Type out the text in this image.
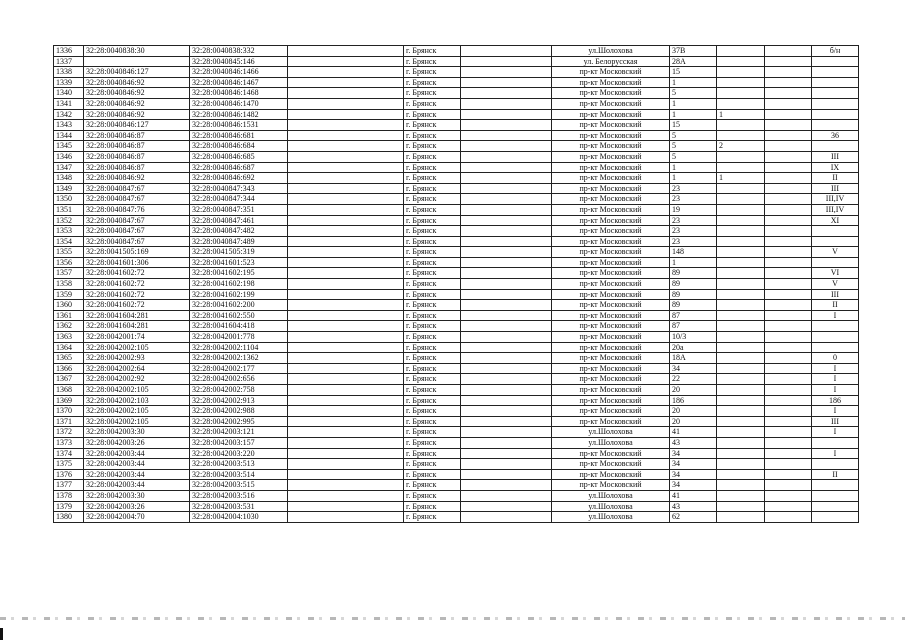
1336	32:28:0040838:30	32:28:0040838:332		г. Брянск		ул.Шолохова	37В			б/н
1337		32:28:0040845:146		г. Брянск		ул. Белорусская	28А			
1338	32:28:0040846:127	32:28:0040846:1466		г. Брянск		пр-кт Московский	15			
1339	32:28:0040846:92	32:28:0040846:1467		г. Брянск		пр-кт Московский	1			
1340	32:28:0040846:92	32:28:0040846:1468		г. Брянск		пр-кт Московский	5			
1341	32:28:0040846:92	32:28:0040846:1470		г. Брянск		пр-кт Московский	1			
1342	32:28:0040846:92	32:28:0040846:1482		г. Брянск		пр-кт Московский	1	1		
1343	32:28:0040846:127	32:28:0040846:1531		г. Брянск		пр-кт Московский	15			
1344	32:28:0040846:87	32:28:0040846:681		г. Брянск		пр-кт Московский	5			36
1345	32:28:0040846:87	32:28:0040846:684		г. Брянск		пр-кт Московский	5	2		
1346	32:28:0040846:87	32:28:0040846:685		г. Брянск		пр-кт Московский	5			III
1347	32:28:0040846:87	32:28:0040846:687		г. Брянск		пр-кт Московский	1			IX
1348	32:28:0040846:92	32:28:0040846:692		г. Брянск		пр-кт Московский	1	1		II
1349	32:28:0040847:67	32:28:0040847:343		г. Брянск		пр-кт Московский	23			III
1350	32:28:0040847:67	32:28:0040847:344		г. Брянск		пр-кт Московский	23			III,IV
1351	32:28:0040847:76	32:28:0040847:351		г. Брянск		пр-кт Московский	19			III,IV
1352	32:28:0040847:67	32:28:0040847:461		г. Брянск		пр-кт Московский	23			XI
1353	32:28:0040847:67	32:28:0040847:482		г. Брянск		пр-кт Московский	23			
1354	32:28:0040847:67	32:28:0040847:489		г. Брянск		пр-кт Московский	23			
1355	32:28:0041505:169	32:28:0041505:319		г. Брянск		пр-кт Московский	148			V
1356	32:28:0041601:306	32:28:0041601:523		г. Брянск		пр-кт Московский	1			
1357	32:28:0041602:72	32:28:0041602:195		г. Брянск		пр-кт Московский	89			VI
1358	32:28:0041602:72	32:28:0041602:198		г. Брянск		пр-кт Московский	89			V
1359	32:28:0041602:72	32:28:0041602:199		г. Брянск		пр-кт Московский	89			III
1360	32:28:0041602:72	32:28:0041602:200		г. Брянск		пр-кт Московский	89			II
1361	32:28:0041604:281	32:28:0041602:550		г. Брянск		пр-кт Московский	87			I
1362	32:28:0041604:281	32:28:0041604:418		г. Брянск		пр-кт Московский	87			
1363	32:28:0042001:74	32:28:0042001:778		г. Брянск		пр-кт Московский	10/3			
1364	32:28:0042002:105	32:28:0042002:1104		г. Брянск		пр-кт Московский	20а			
1365	32:28:0042002:93	32:28:0042002:1362		г. Брянск		пр-кт Московский	18А			0
1366	32:28:0042002:64	32:28:0042002:177		г. Брянск		пр-кт Московский	34			I
1367	32:28:0042002:92	32:28:0042002:656		г. Брянск		пр-кт Московский	22			I
1368	32:28:0042002:105	32:28:0042002:758		г. Брянск		пр-кт Московский	20			I
1369	32:28:0042002:103	32:28:0042002:913		г. Брянск		пр-кт Московский	186			186
1370	32:28:0042002:105	32:28:0042002:988		г. Брянск		пр-кт Московский	20			I
1371	32:28:0042002:105	32:28:0042002:995		г. Брянск		пр-кт Московский	20			III
1372	32:28:0042003:30	32:28:0042003:121		г. Брянск		ул.Шолохова	41			I
1373	32:28:0042003:26	32:28:0042003:157		г. Брянск		ул.Шолохова	43			
1374	32:28:0042003:44	32:28:0042003:220		г. Брянск		пр-кт Московский	34			I
1375	32:28:0042003:44	32:28:0042003:513		г. Брянск		пр-кт Московский	34			
1376	32:28:0042003:44	32:28:0042003:514		г. Брянск		пр-кт Московский	34			II
1377	32:28:0042003:44	32:28:0042003:515		г. Брянск		пр-кт Московский	34			
1378	32:28:0042003:30	32:28:0042003:516		г. Брянск		ул.Шолохова	41			
1379	32:28:0042003:26	32:28:0042003:531		г. Брянск		ул.Шолохова	43			
1380	32:28:0042004:70	32:28:0042004:1030		г. Брянск		ул.Шолохова	62			
